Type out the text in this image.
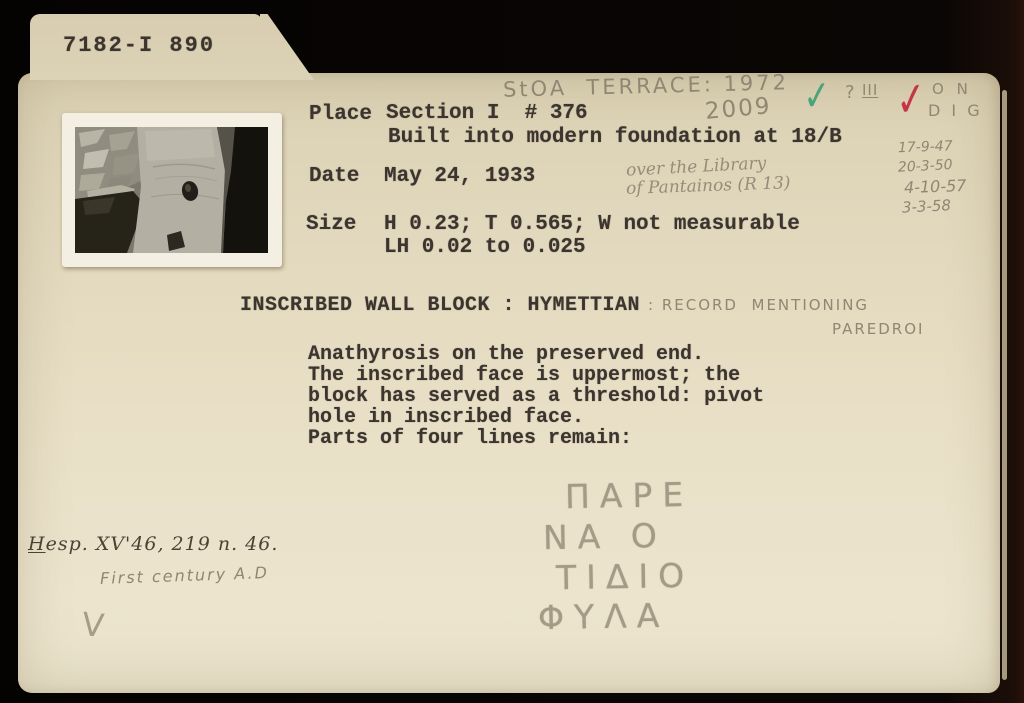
7182-I 890
StOA  TERRACE: 1972
2009 ✓ ? III ✓ O N
D I G
Place Section I  # 376
Built into modern foundation at 18/B
Date May 24, 1933
Size H 0.23; T 0.565; W not measurable
LH 0.02 to 0.025
over the Library
of Pantainos (R 13)
17-9-47
20-3-50
4-10-57
3-3-58
INSCRIBED WALL BLOCK : HYMETTIAN : RECORD  MENTIONING
PAREDROI
Anathyrosis on the preserved end.
The inscribed face is uppermost; the
block has served as a threshold: pivot
hole in inscribed face.
Parts of four lines remain:
ΠΑΡΕ
ΝΑ Ο
ΤΙΔΙΟ
ΦΥΛΑ
Hesp. XV'46, 219 n. 46.
First century A.D
V
